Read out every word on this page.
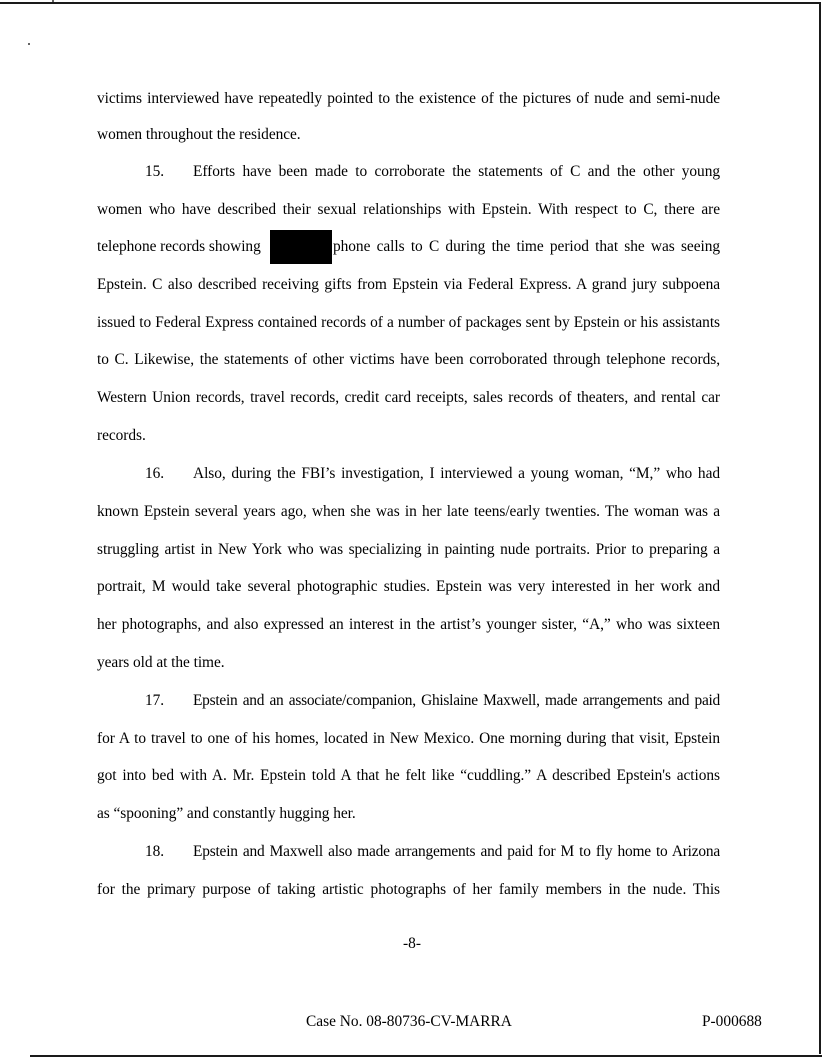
victims interviewed have repeatedly pointed to the existence of the pictures of nude and semi-nude
women throughout the residence.
15.	Efforts have been made to corroborate the statements of C and the other young
women who have described their sexual relationships with Epstein. With respect to C, there are
telephone records showing	phone calls to C during the time period that she was seeing
Epstein. C also described receiving gifts from Epstein via Federal Express. A grand jury subpoena
issued to Federal Express contained records of a number of packages sent by Epstein or his assistants
to C. Likewise, the statements of other victims have been corroborated through telephone records,
Western Union records, travel records, credit card receipts, sales records of theaters, and rental car
records.
16.	Also, during the FBI’s investigation, I interviewed a young woman, “M,” who had
known Epstein several years ago, when she was in her late teens/early twenties. The woman was a
struggling artist in New York who was specializing in painting nude portraits. Prior to preparing a
portrait, M would take several photographic studies. Epstein was very interested in her work and
her photographs, and also expressed an interest in the artist’s younger sister, “A,” who was sixteen
years old at the time.
17.	Epstein and an associate/companion, Ghislaine Maxwell, made arrangements and paid
for A to travel to one of his homes, located in New Mexico. One morning during that visit, Epstein
got into bed with A. Mr. Epstein told A that he felt like “cuddling.” A described Epstein's actions
as “spooning” and constantly hugging her.
18.	Epstein and Maxwell also made arrangements and paid for M to fly home to Arizona
for the primary purpose of taking artistic photographs of her family members in the nude. This
-8-
Case No. 08-80736-CV-MARRA	P-000688
